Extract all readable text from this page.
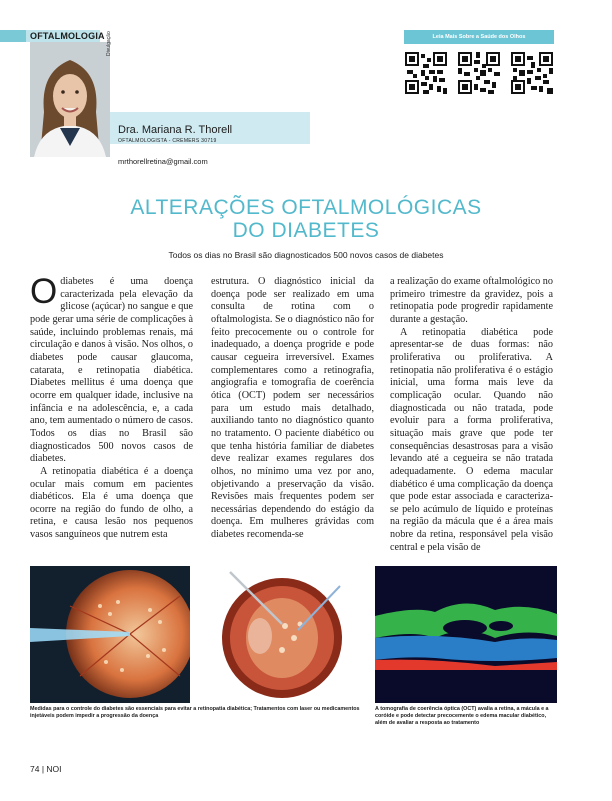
OFTALMOLOGIA Divulgação
Dra. Mariana R. Thorell
OFTALMOLOGISTA - CREMERS 30719
mrthorellretina@gmail.com
Leia Mais Sobre a Saúde dos Olhos
ALTERAÇÕES OFTALMOLÓGICAS
DO DIABETES
Todos os dias no Brasil são diagnosticados 500 novos casos de diabetes

Odiabetes é uma doença caracterizada pela elevação da glicose (açúcar) no sangue e que pode gerar uma série de complicações à saúde, incluindo problemas renais, má circulação e danos à visão. Nos olhos, o diabetes pode causar glaucoma, catarata, e retinopatia diabética. Diabetes mellitus é uma doença que ocorre em qualquer idade, inclusive na infância e na adolescência, e, a cada ano, tem aumentado o número de casos. Todos os dias no Brasil são diagnosticados 500 novos casos de diabetes.

A retinopatia diabética é a doença ocular mais comum em pacientes diabéticos. Ela é uma doença que ocorre na região do fundo de olho, a retina, e causa lesão nos pequenos vasos sanguíneos que nutrem esta

estrutura. O diagnóstico inicial da doença pode ser realizado em uma consulta de rotina com o oftalmologista. Se o diagnóstico não for feito precocemente ou o controle for inadequado, a doença progride e pode causar cegueira irreversível. Exames complementares como a retinografia, angiografia e tomografia de coerência ótica (OCT) podem ser necessários para um estudo mais detalhado, auxiliando tanto no diagnóstico quanto no tratamento. O paciente diabético ou que tenha história familiar de diabetes deve realizar exames regulares dos olhos, no mínimo uma vez por ano, objetivando a preservação da visão. Revisões mais frequentes podem ser necessárias dependendo do estágio da doença. Em mulheres grávidas com diabetes recomenda-se

a realização do exame oftalmológico no primeiro trimestre da gravidez, pois a retinopatia pode progredir rapidamente durante a gestação.

A retinopatia diabética pode apresentar-se de duas formas: não proliferativa ou proliferativa. A retinopatia não proliferativa é o estágio inicial, uma forma mais leve da complicação ocular. Quando não diagnosticada ou não tratada, pode evoluir para a forma proliferativa, situação mais grave que pode ter consequências desastrosas para a visão levando até a cegueira se não tratada adequadamente. O edema macular diabético é uma complicação da doença que pode estar associada e caracteriza-se pelo acúmulo de líquido e proteínas na região da mácula que é a área mais nobre da retina, responsável pela visão central e pela visão de

Medidas para o controle do diabetes são essenciais para evitar a retinopatia diabética; Tratamentos com laser ou medicamentos injetáveis podem impedir a progressão da doença
A tomografia de coerência óptica (OCT) avalia a retina, a mácula e a coróide e pode detectar precocemente o edema macular diabético, além de avaliar a resposta ao tratamento
74 | NOI
